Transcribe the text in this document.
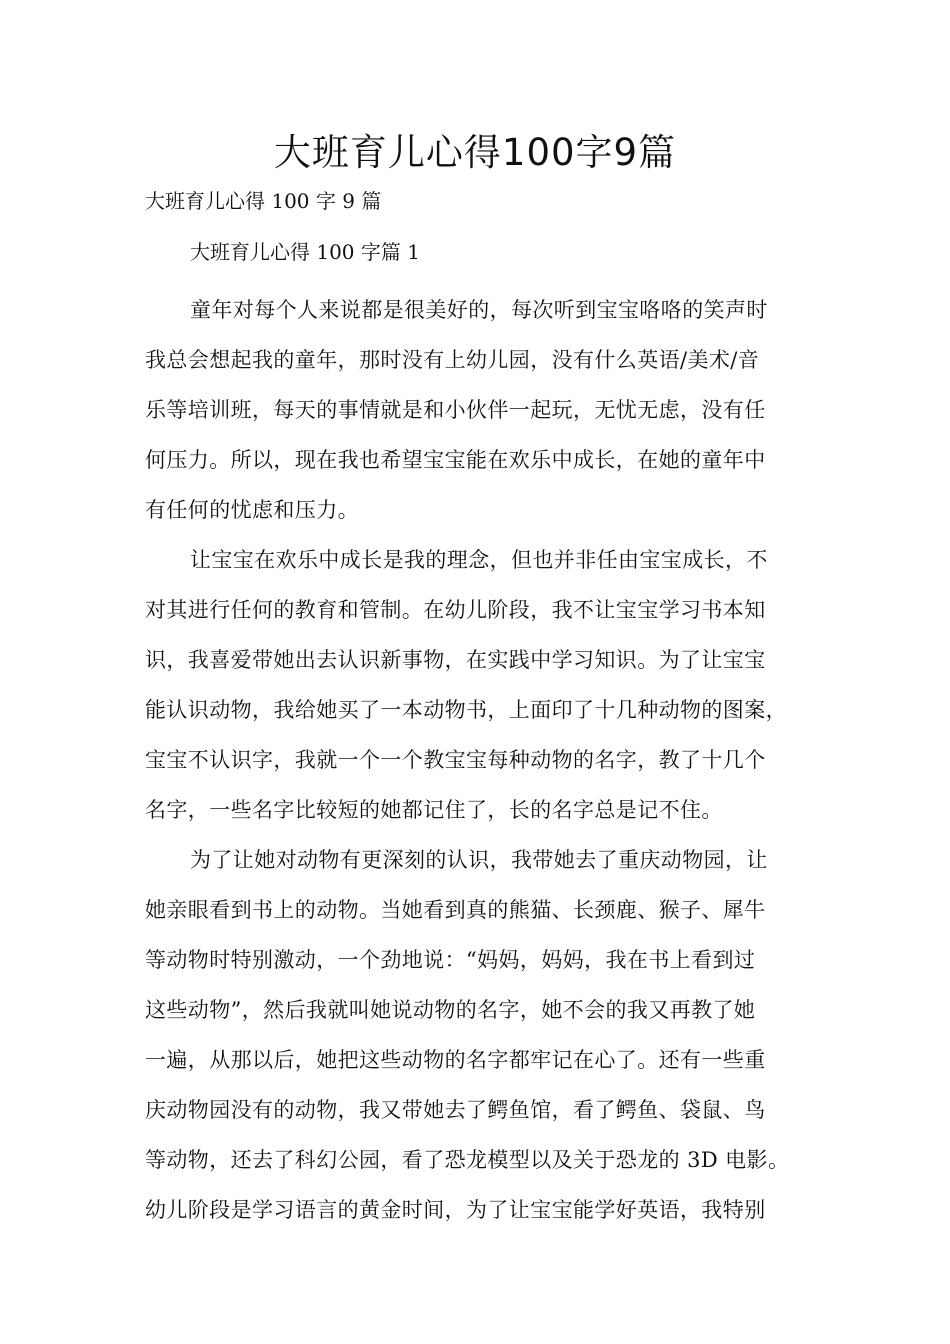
大班育儿心得100字9篇

大班育儿心得 100 字 9 篇

大班育儿心得 100 字篇 1

童年对每个人来说都是很美好的，每次听到宝宝咯咯的笑声时
我总会想起我的童年，那时没有上幼儿园，没有什么英语/美术/音
乐等培训班，每天的事情就是和小伙伴一起玩，无忧无虑，没有任
何压力。所以，现在我也希望宝宝能在欢乐中成长，在她的童年中
有任何的忧虑和压力。
让宝宝在欢乐中成长是我的理念，但也并非任由宝宝成长，不
对其进行任何的教育和管制。在幼儿阶段，我不让宝宝学习书本知
识，我喜爱带她出去认识新事物，在实践中学习知识。为了让宝宝
能认识动物，我给她买了一本动物书，上面印了十几种动物的图案，
宝宝不认识字，我就一个一个教宝宝每种动物的名字，教了十几个
名字，一些名字比较短的她都记住了，长的名字总是记不住。
为了让她对动物有更深刻的认识，我带她去了重庆动物园，让
她亲眼看到书上的动物。当她看到真的熊猫、长颈鹿、猴子、犀牛
等动物时特别激动，一个劲地说：“妈妈，妈妈，我在书上看到过
这些动物”，然后我就叫她说动物的名字，她不会的我又再教了她
一遍，从那以后，她把这些动物的名字都牢记在心了。还有一些重
庆动物园没有的动物，我又带她去了鳄鱼馆，看了鳄鱼、袋鼠、鸟
等动物，还去了科幻公园，看了恐龙模型以及关于恐龙的 3D 电影。
幼儿阶段是学习语言的黄金时间，为了让宝宝能学好英语，我特别
